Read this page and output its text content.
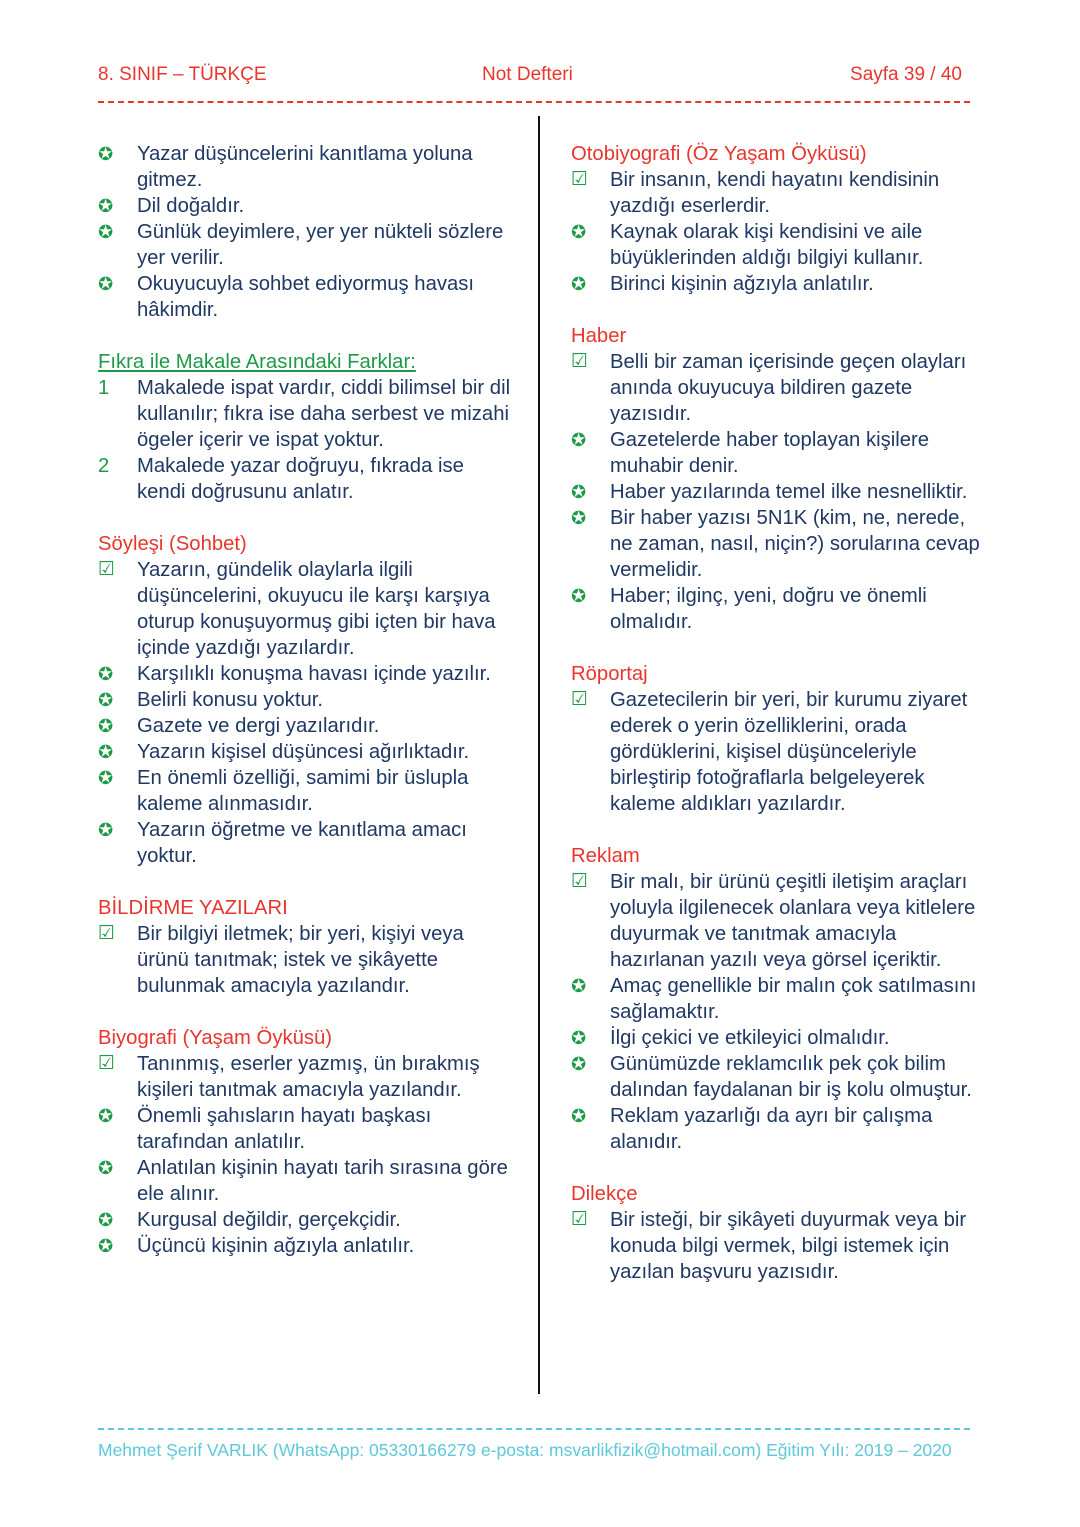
8. SINIF – TÜRKÇE	Not Defteri	Sayfa 39 / 40
✪	Yazar düşüncelerini kanıtlama yoluna gitmez.
✪	Dil doğaldır.
✪	Günlük deyimlere, yer yer nükteli sözlere yer verilir.
✪	Okuyucuyla sohbet ediyormuş havası hâkimdir.
Fıkra ile Makale Arasındaki Farklar:
1	Makalede ispat vardır, ciddi bilimsel bir dil kullanılır; fıkra ise daha serbest ve mizahi ögeler içerir ve ispat yoktur.
2	Makalede yazar doğruyu, fıkrada ise kendi doğrusunu anlatır.
Söyleşi (Sohbet)
☑	Yazarın, gündelik olaylarla ilgili düşüncelerini, okuyucu ile karşı karşıya oturup konuşuyormuş gibi içten bir hava içinde yazdığı yazılardır.
✪	Karşılıklı konuşma havası içinde yazılır.
✪	Belirli konusu yoktur.
✪	Gazete ve dergi yazılarıdır.
✪	Yazarın kişisel düşüncesi ağırlıktadır.
✪	En önemli özelliği, samimi bir üslupla kaleme alınmasıdır.
✪	Yazarın öğretme ve kanıtlama amacı yoktur.
BİLDİRME YAZILARI
☑	Bir bilgiyi iletmek; bir yeri, kişiyi veya ürünü tanıtmak; istek ve şikâyette bulunmak amacıyla yazılandır.
Biyografi (Yaşam Öyküsü)
☑	Tanınmış, eserler yazmış, ün bırakmış kişileri tanıtmak amacıyla yazılandır.
✪	Önemli şahısların hayatı başkası tarafından anlatılır.
✪	Anlatılan kişinin hayatı tarih sırasına göre ele alınır.
✪	Kurgusal değildir, gerçekçidir.
✪	Üçüncü kişinin ağzıyla anlatılır.
Otobiyografi (Öz Yaşam Öyküsü)
☑	Bir insanın, kendi hayatını kendisinin yazdığı eserlerdir.
✪	Kaynak olarak kişi kendisini ve aile büyüklerinden aldığı bilgiyi kullanır.
✪	Birinci kişinin ağzıyla anlatılır.
Haber
☑	Belli bir zaman içerisinde geçen olayları anında okuyucuya bildiren gazete yazısıdır.
✪	Gazetelerde haber toplayan kişilere muhabir denir.
✪	Haber yazılarında temel ilke nesnelliktir.
✪	Bir haber yazısı 5N1K (kim, ne, nerede, ne zaman, nasıl, niçin?) sorularına cevap vermelidir.
✪	Haber; ilginç, yeni, doğru ve önemli olmalıdır.
Röportaj
☑	Gazetecilerin bir yeri, bir kurumu ziyaret ederek o yerin özelliklerini, orada gördüklerini, kişisel düşünceleriyle birleştirip fotoğraflarla belgeleyerek kaleme aldıkları yazılardır.
Reklam
☑	Bir malı, bir ürünü çeşitli iletişim araçları yoluyla ilgilenecek olanlara veya kitlelere duyurmak ve tanıtmak amacıyla hazırlanan yazılı veya görsel içeriktir.
✪	Amaç genellikle bir malın çok satılmasını sağlamaktır.
✪	İlgi çekici ve etkileyici olmalıdır.
✪	Günümüzde reklamcılık pek çok bilim dalından faydalanan bir iş kolu olmuştur.
✪	Reklam yazarlığı da ayrı bir çalışma alanıdır.
Dilekçe
☑	Bir isteği, bir şikâyeti duyurmak veya bir konuda bilgi vermek, bilgi istemek için yazılan başvuru yazısıdır.
Mehmet Şerif VARLIK (WhatsApp: 05330166279 e-posta: msvarlikfizik@hotmail.com) Eğitim Yılı: 2019 – 2020
